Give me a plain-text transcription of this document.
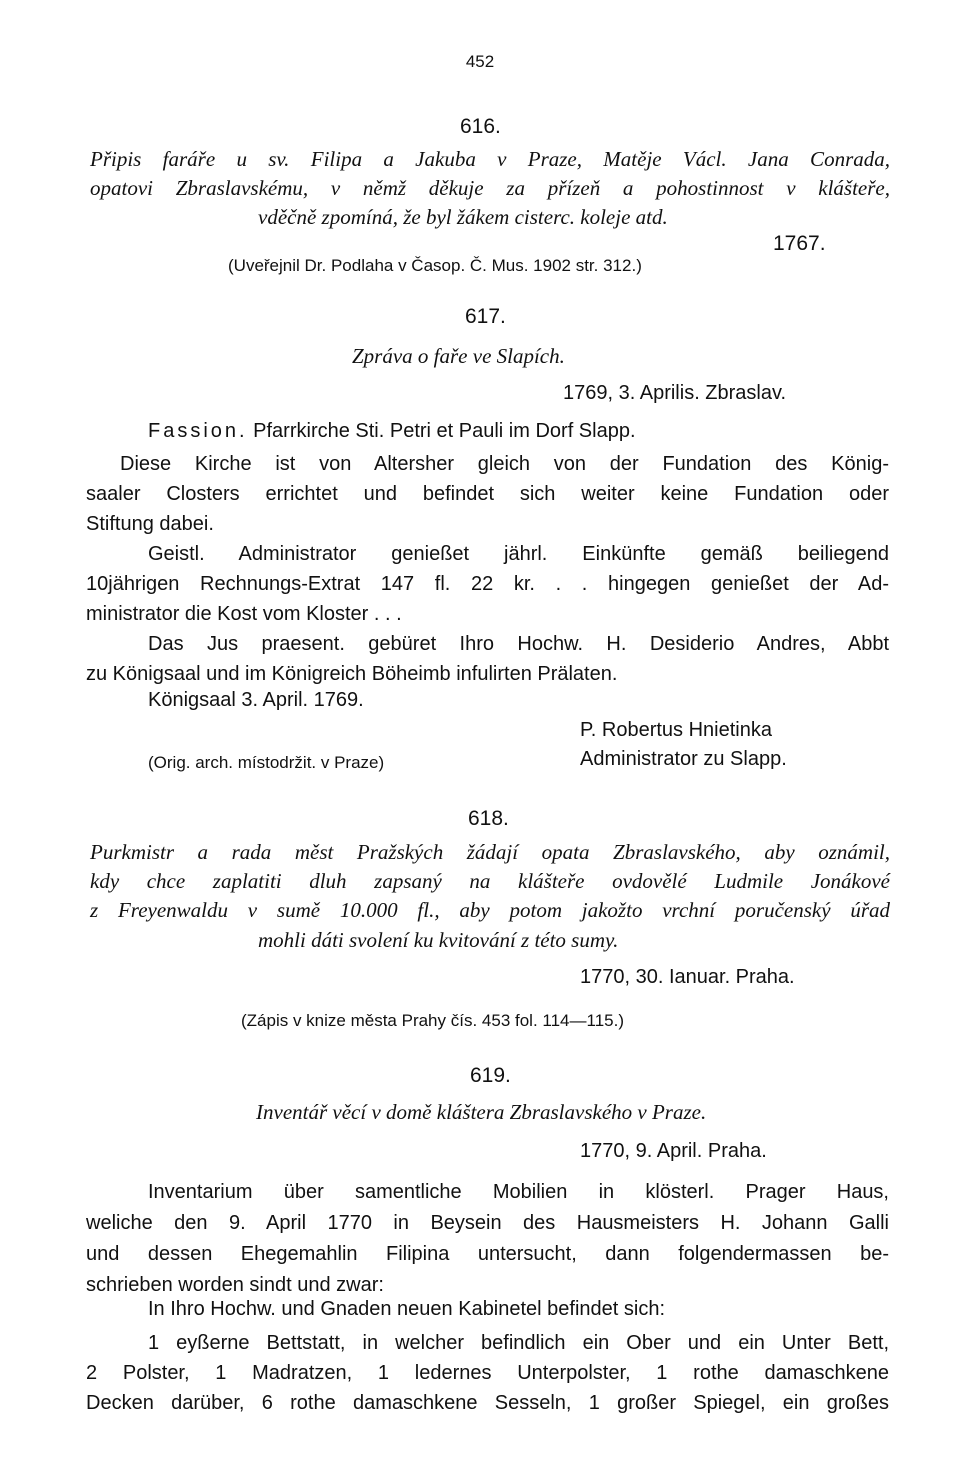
452
616.
Připis faráře u sv. Filipa a Jakuba v Praze, Matěje Václ. Jana Conrada,
opatovi Zbraslavskému, v němž děkuje za přízeň a pohostinnost v klášteře,
vděčně zpomíná, že byl žákem cisterc. koleje atd.
1767.
(Uveřejnil Dr. Podlaha v Časop. Č. Mus. 1902 str. 312.)
617.
Zpráva o faře ve Slapích.
1769, 3. Aprilis. Zbraslav.
Fassion. Pfarrkirche Sti. Petri et Pauli im Dorf Slapp.
Diese Kirche ist von Altersher gleich von der Fundation des König-
saaler Closters errichtet und befindet sich weiter keine Fundation oder
Stiftung dabei.
Geistl. Administrator genießet jährl. Einkünfte gemäß beiliegend
10jährigen Rechnungs-Extrat 147 fl. 22 kr. . . hingegen genießet der Ad-
ministrator die Kost vom Kloster . . .
Das Jus praesent. gebüret Ihro Hochw. H. Desiderio Andres, Abbt
zu Königsaal und im Königreich Böheimb infulirten Prälaten.
Königsaal 3. April. 1769.
P. Robertus Hnietinka
Administrator zu Slapp.
(Orig. arch. místodržit. v Praze)
618.
Purkmistr a rada měst Pražských žádají opata Zbraslavského, aby oznámil,
kdy chce zaplatiti dluh zapsaný na klášteře ovdovělé Ludmile Jonákové
z Freyenwaldu v sumě 10.000 fl., aby potom jakožto vrchní poručenský úřad
mohli dáti svolení ku kvitování z této sumy.
1770, 30. Ianuar. Praha.
(Zápis v knize města Prahy čís. 453 fol. 114—115.)
619.
Inventář věcí v domě kláštera Zbraslavského v Praze.
1770, 9. April. Praha.
Inventarium über samentliche Mobilien in klösterl. Prager Haus,
weliche den 9. April 1770 in Beysein des Hausmeisters H. Johann Galli
und dessen Ehegemahlin Filipina untersucht, dann folgendermassen be-
schrieben worden sindt und zwar:
In Ihro Hochw. und Gnaden neuen Kabinetel befindet sich:
1 eyßerne Bettstatt, in welcher befindlich ein Ober und ein Unter Bett,
2 Polster, 1 Madratzen, 1 ledernes Unterpolster, 1 rothe damaschkene
Decken darüber, 6 rothe damaschkene Sesseln, 1 großer Spiegel, ein großes
